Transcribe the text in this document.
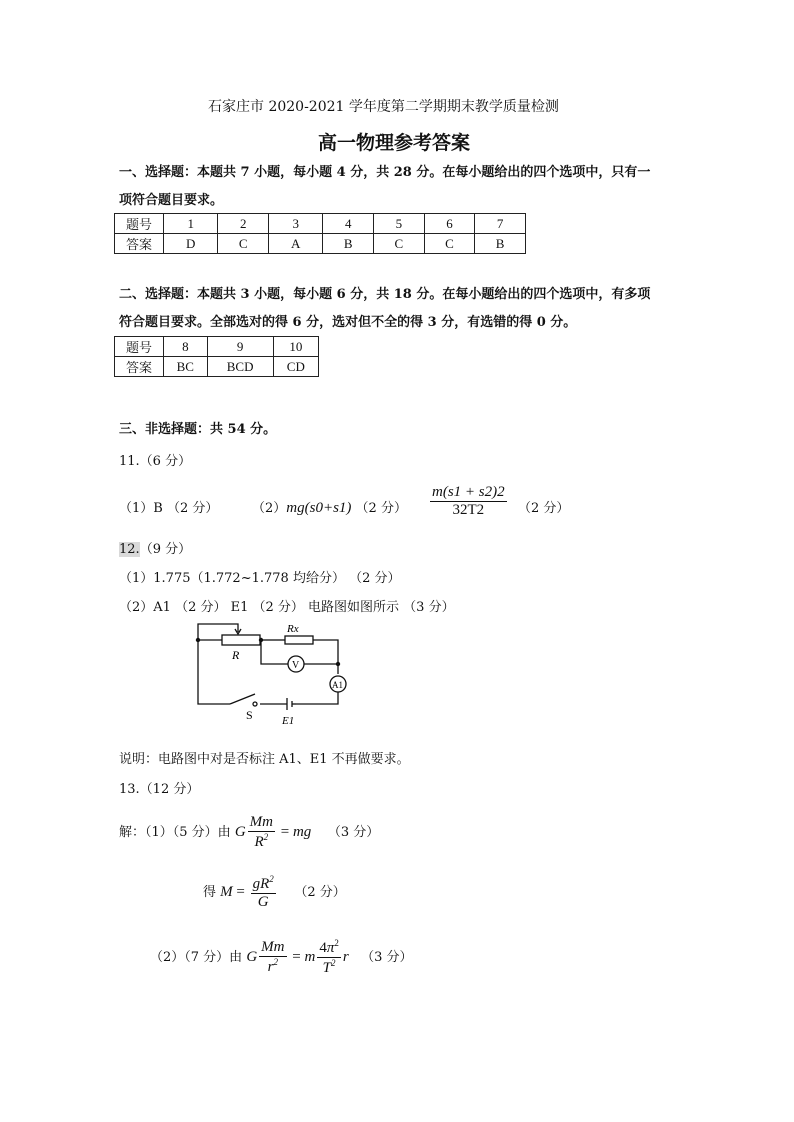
石家庄市 2020-2021 学年度第二学期期末教学质量检测
高一物理参考答案
一、选择题：本题共 7 小题，每小题 4 分，共 28 分。在每小题给出的四个选项中，只有一
项符合题目要求。
题号	1	2	3	4	5	6	7
答案	D	C	A	B	C	C	B
二、选择题：本题共 3 小题，每小题 6 分，共 18 分。在每小题给出的四个选项中，有多项
符合题目要求。全部选对的得 6 分，选对但不全的得 3 分，有选错的得 0 分。
题号	8	9	10
答案	BC	BCD	CD
三、非选择题：共 54 分。
11.（6 分）
（1）B （2 分）	（2）mg(s0+s1) （2 分） $\frac{m(s1 + s2)2}{32T2} (2$ 分）
12.（9 分）
（1）1.775（1.772~1.778 均给分） （2 分）
（2）A1 （2 分） E1 （2 分） 电路图如图所示 （3 分）
R
Rx
V
A1
S	E1
说明：电路图中对是否标注 A1、E1 不再做要求。
13.（12 分）
解：（1）（5 分）由 G $\frac{Mm}{R^2}$ = mg （3 分）
得 $M = \frac{gR^2}{G} (2$ 分）
（2）（7 分）由 G $\frac{Mm}{r^2} = m \frac{4\pi^2}{T^2}$ r （3 分）
